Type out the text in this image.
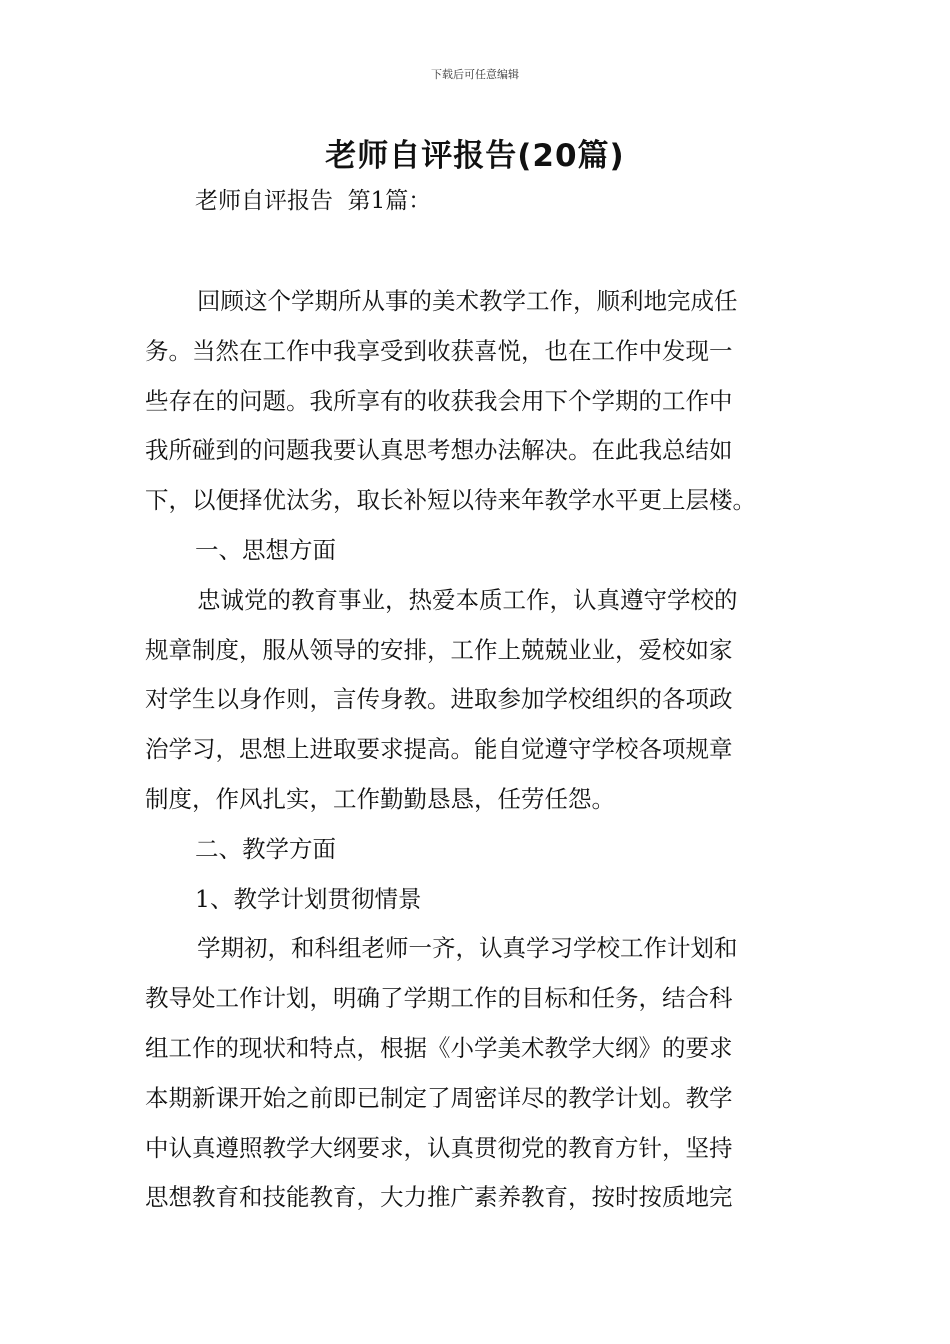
下载后可任意编辑
老师自评报告(20篇)
老师自评报告  第1篇：
回顾这个学期所从事的美术教学工作，顺利地完成任
务。当然在工作中我享受到收获喜悦，也在工作中发现一
些存在的问题。我所享有的收获我会用下个学期的工作中
我所碰到的问题我要认真思考想办法解决。在此我总结如
下，以便择优汰劣，取长补短以待来年教学水平更上层楼。
一、思想方面
忠诚党的教育事业，热爱本质工作，认真遵守学校的
规章制度，服从领导的安排，工作上兢兢业业，爱校如家
对学生以身作则，言传身教。进取参加学校组织的各项政
治学习，思想上进取要求提高。能自觉遵守学校各项规章
制度，作风扎实，工作勤勤恳恳，任劳任怨。
二、教学方面
1、教学计划贯彻情景
学期初，和科组老师一齐，认真学习学校工作计划和
教导处工作计划，明确了学期工作的目标和任务，结合科
组工作的现状和特点，根据《小学美术教学大纲》的要求
本期新课开始之前即已制定了周密详尽的教学计划。教学
中认真遵照教学大纲要求，认真贯彻党的教育方针，坚持
思想教育和技能教育，大力推广素养教育，按时按质地完
